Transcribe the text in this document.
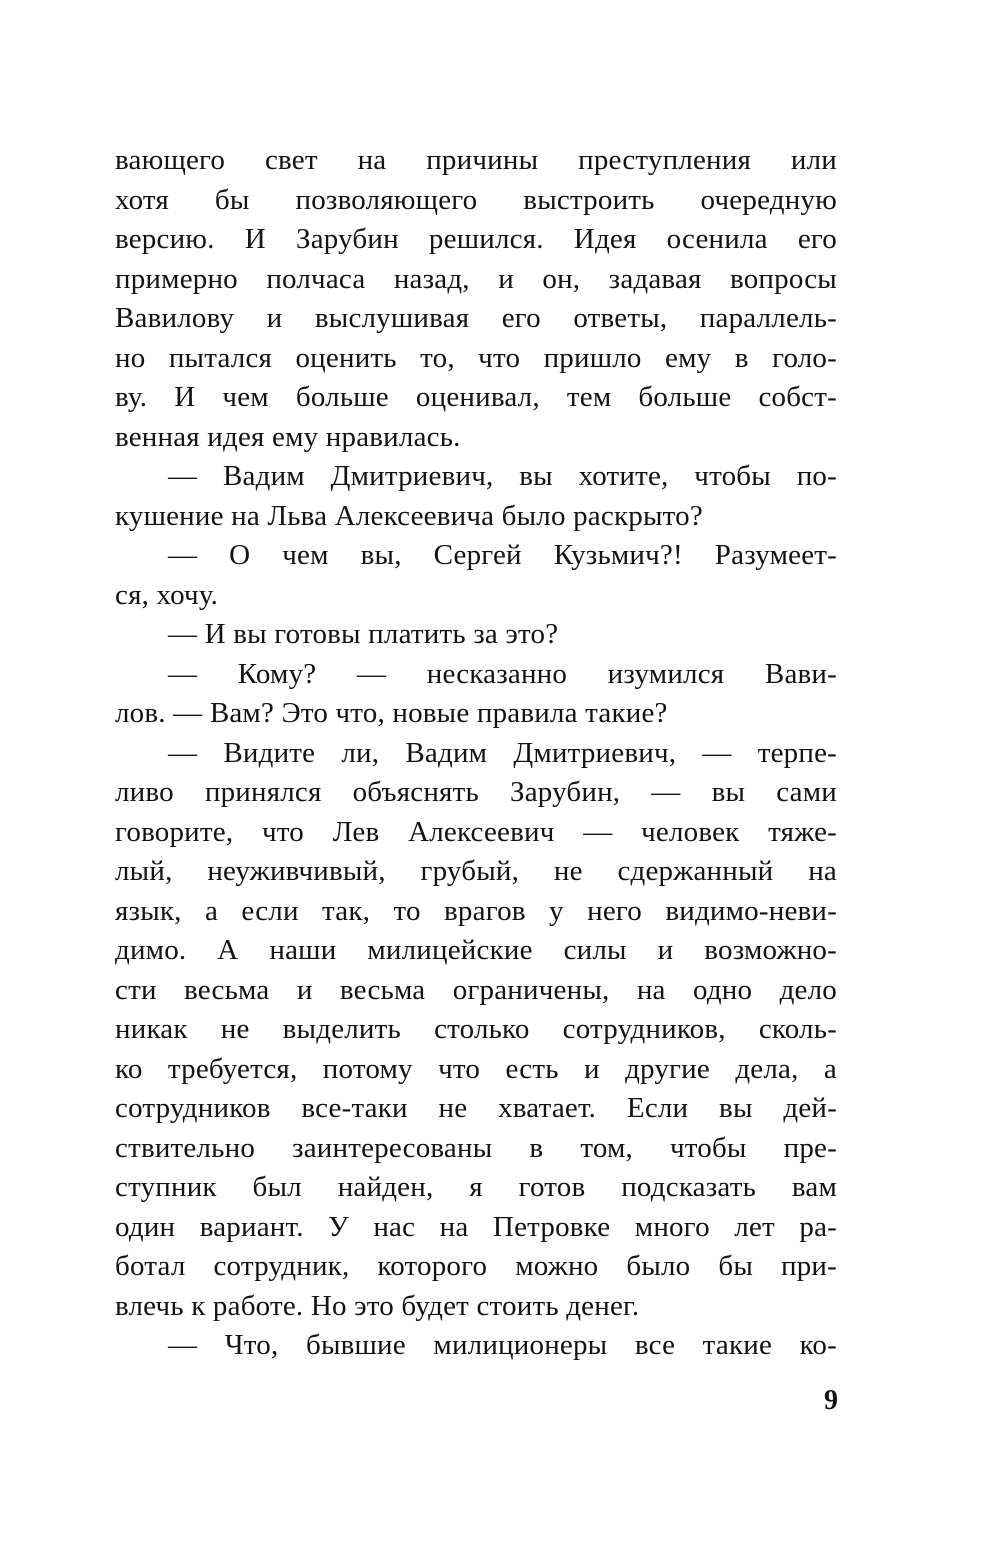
вающего свет на причины преступления или
хотя бы позволяющего выстроить очередную
версию. И Зарубин решился. Идея осенила его
примерно полчаса назад, и он, задавая вопросы
Вавилову и выслушивая его ответы, параллель-
но пытался оценить то, что пришло ему в голо-
ву. И чем больше оценивал, тем больше собст-
венная идея ему нравилась.
— Вадим Дмитриевич, вы хотите, чтобы по-
кушение на Льва Алексеевича было раскрыто?
— О чем вы, Сергей Кузьмич?! Разумеет-
ся, хочу.
— И вы готовы платить за это?
— Кому? — несказанно изумился Вави-
лов. — Вам? Это что, новые правила такие?
— Видите ли, Вадим Дмитриевич, — терпе-
ливо принялся объяснять Зарубин, — вы сами
говорите, что Лев Алексеевич — человек тяже-
лый, неуживчивый, грубый, не сдержанный на
язык, а если так, то врагов у него видимо-неви-
димо. А наши милицейские силы и возможно-
сти весьма и весьма ограничены, на одно дело
никак не выделить столько сотрудников, сколь-
ко требуется, потому что есть и другие дела, а
сотрудников все-таки не хватает. Если вы дей-
ствительно заинтересованы в том, чтобы пре-
ступник был найден, я готов подсказать вам
один вариант. У нас на Петровке много лет ра-
ботал сотрудник, которого можно было бы при-
влечь к работе. Но это будет стоить денег.
— Что, бывшие милиционеры все такие ко-
9
